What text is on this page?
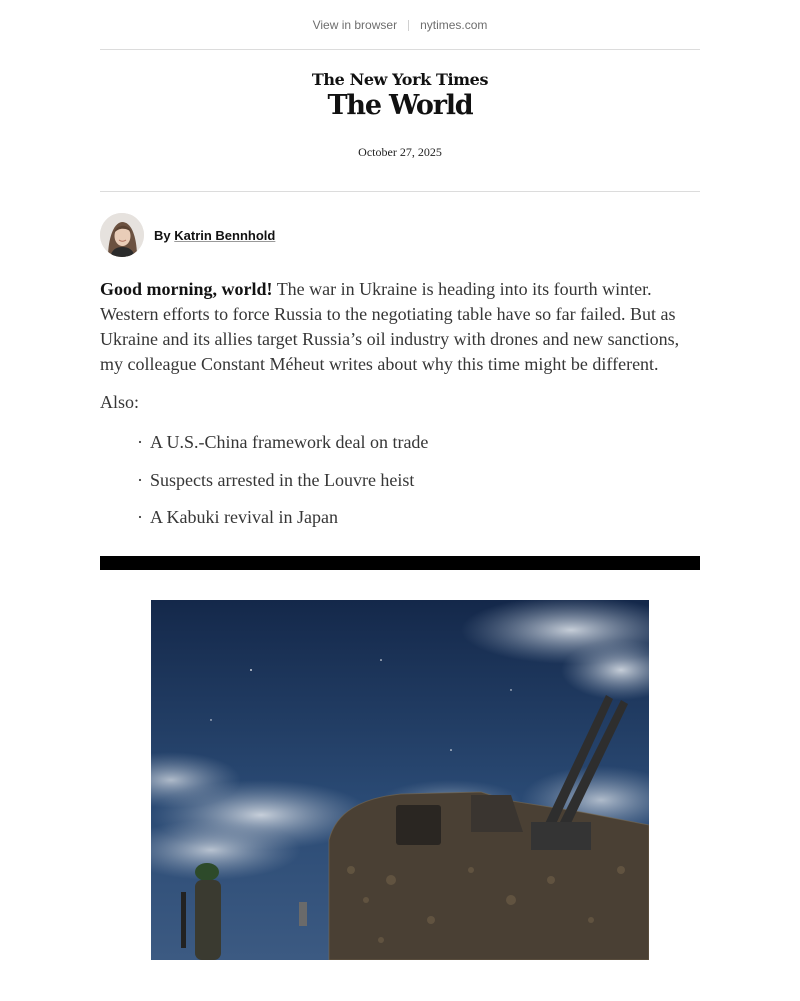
View in browser nytimes.com
The New York Times
The World
October 27, 2025
By Katrin Bennhold

Good morning, world! The war in Ukraine is heading into its fourth winter. Western efforts to force Russia to the negotiating table have so far failed. But as Ukraine and its allies target Russia’s oil industry with drones and new sanctions, my colleague Constant Méheut writes about why this time might be different.

Also:

· A U.S.-China framework deal on trade
· Suspects arrested in the Louvre heist
· A Kabuki revival in Japan
